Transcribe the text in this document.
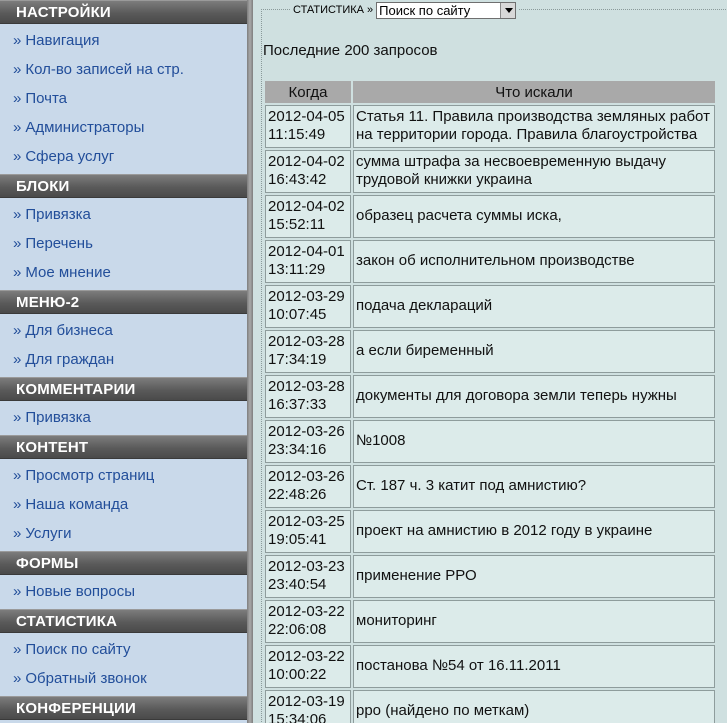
НАСТРОЙКИ
» Навигация
» Кол-во записей на стр.
» Почта
» Администраторы
» Сфера услуг
БЛОКИ
» Привязка
» Перечень
» Мое мнение
МЕНЮ-2
» Для бизнеса
» Для граждан
КОММЕНТАРИИ
» Привязка
КОНТЕНТ
» Просмотр страниц
» Наша команда
» Услуги
ФОРМЫ
» Новые вопросы
СТАТИСТИКА
» Поиск по сайту
» Обратный звонок
КОНФЕРЕНЦИИ
СТАТИСТИКА » Поиск по сайту
Последние 200 запросов
Когда	Что искали

2012-04-05
11:15:49	Статья 11. Правила производства земляных работ на территории города. Правила благоустройства

2012-04-02
16:43:42	сумма штрафа за несвоевременную выдачу трудовой книжки украина

2012-04-02
15:52:11	образец расчета суммы иска,

2012-04-01
13:11:29	закон об исполнительном производстве

2012-03-29
10:07:45	подача деклараций

2012-03-28
17:34:19	а если биременный

2012-03-28
16:37:33	документы для договора земли теперь нужны

2012-03-26
23:34:16	№1008

2012-03-26
22:48:26	Ст. 187 ч. 3 катит под амнистию?

2012-03-25
19:05:41	проект на амнистию в 2012 году в украине

2012-03-23
23:40:54	применение РРО

2012-03-22
22:06:08	мониторинг

2012-03-22
10:00:22	постанова №54 от 16.11.2011

2012-03-19
15:34:06	рро (найдено по меткам)
